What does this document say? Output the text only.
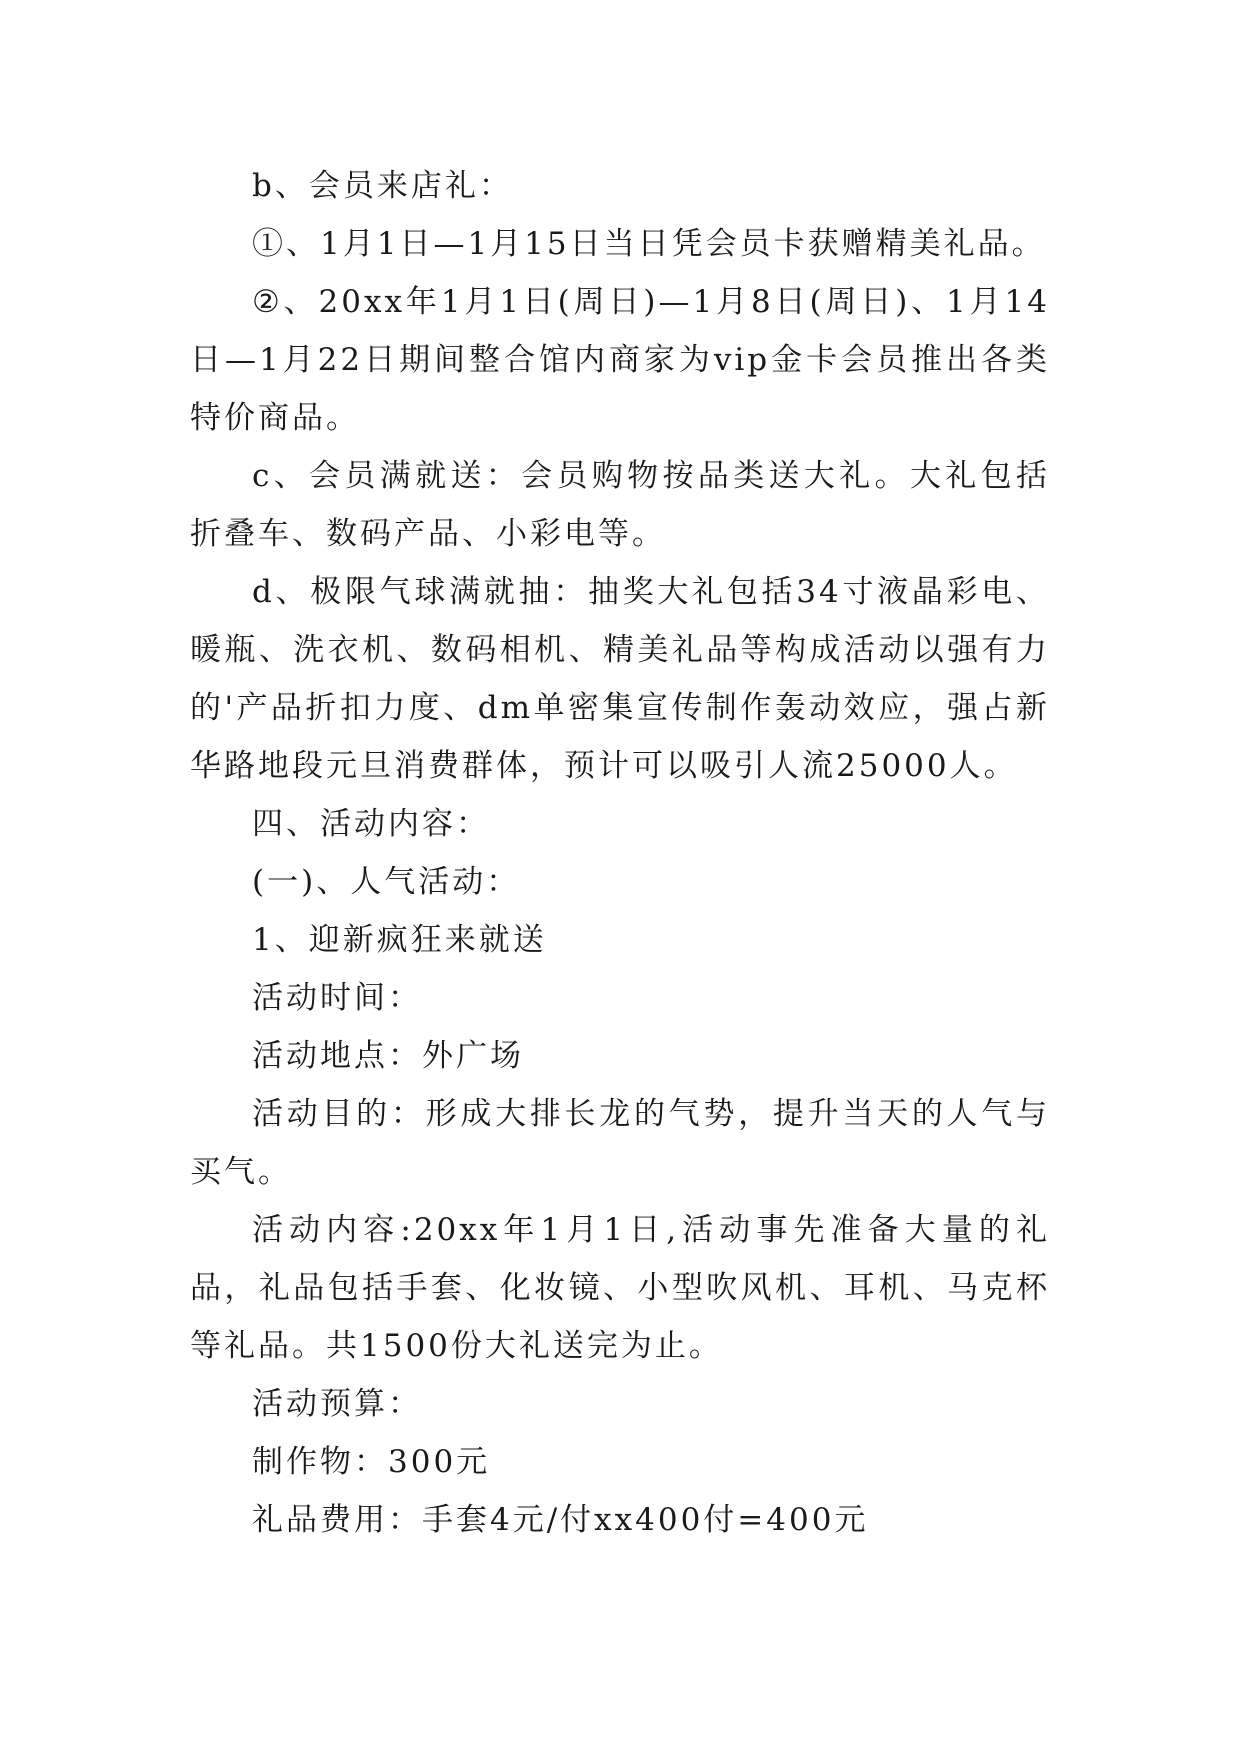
b、会员来店礼：

①、1月1日—1月15日当日凭会员卡获赠精美礼品。

②、20xx年1月1日(周日)—1月8日(周日)、1月14日—1月22日期间整合馆内商家为vip金卡会员推出各类特价商品。

c、会员满就送：会员购物按品类送大礼。大礼包括折叠车、数码产品、小彩电等。

d、极限气球满就抽：抽奖大礼包括34寸液晶彩电、暖瓶、洗衣机、数码相机、精美礼品等构成活动以强有力的'产品折扣力度、dm单密集宣传制作轰动效应，强占新华路地段元旦消费群体，预计可以吸引人流25000人。

四、活动内容：

(一)、人气活动：

1、迎新疯狂来就送

活动时间：

活动地点：外广场

活动目的：形成大排长龙的气势，提升当天的人气与买气。

活动内容:20xx年1月1日,活动事先准备大量的礼品，礼品包括手套、化妆镜、小型吹风机、耳机、马克杯等礼品。共1500份大礼送完为止。

活动预算：

制作物：300元

礼品费用：手套4元/付xx400付=400元
